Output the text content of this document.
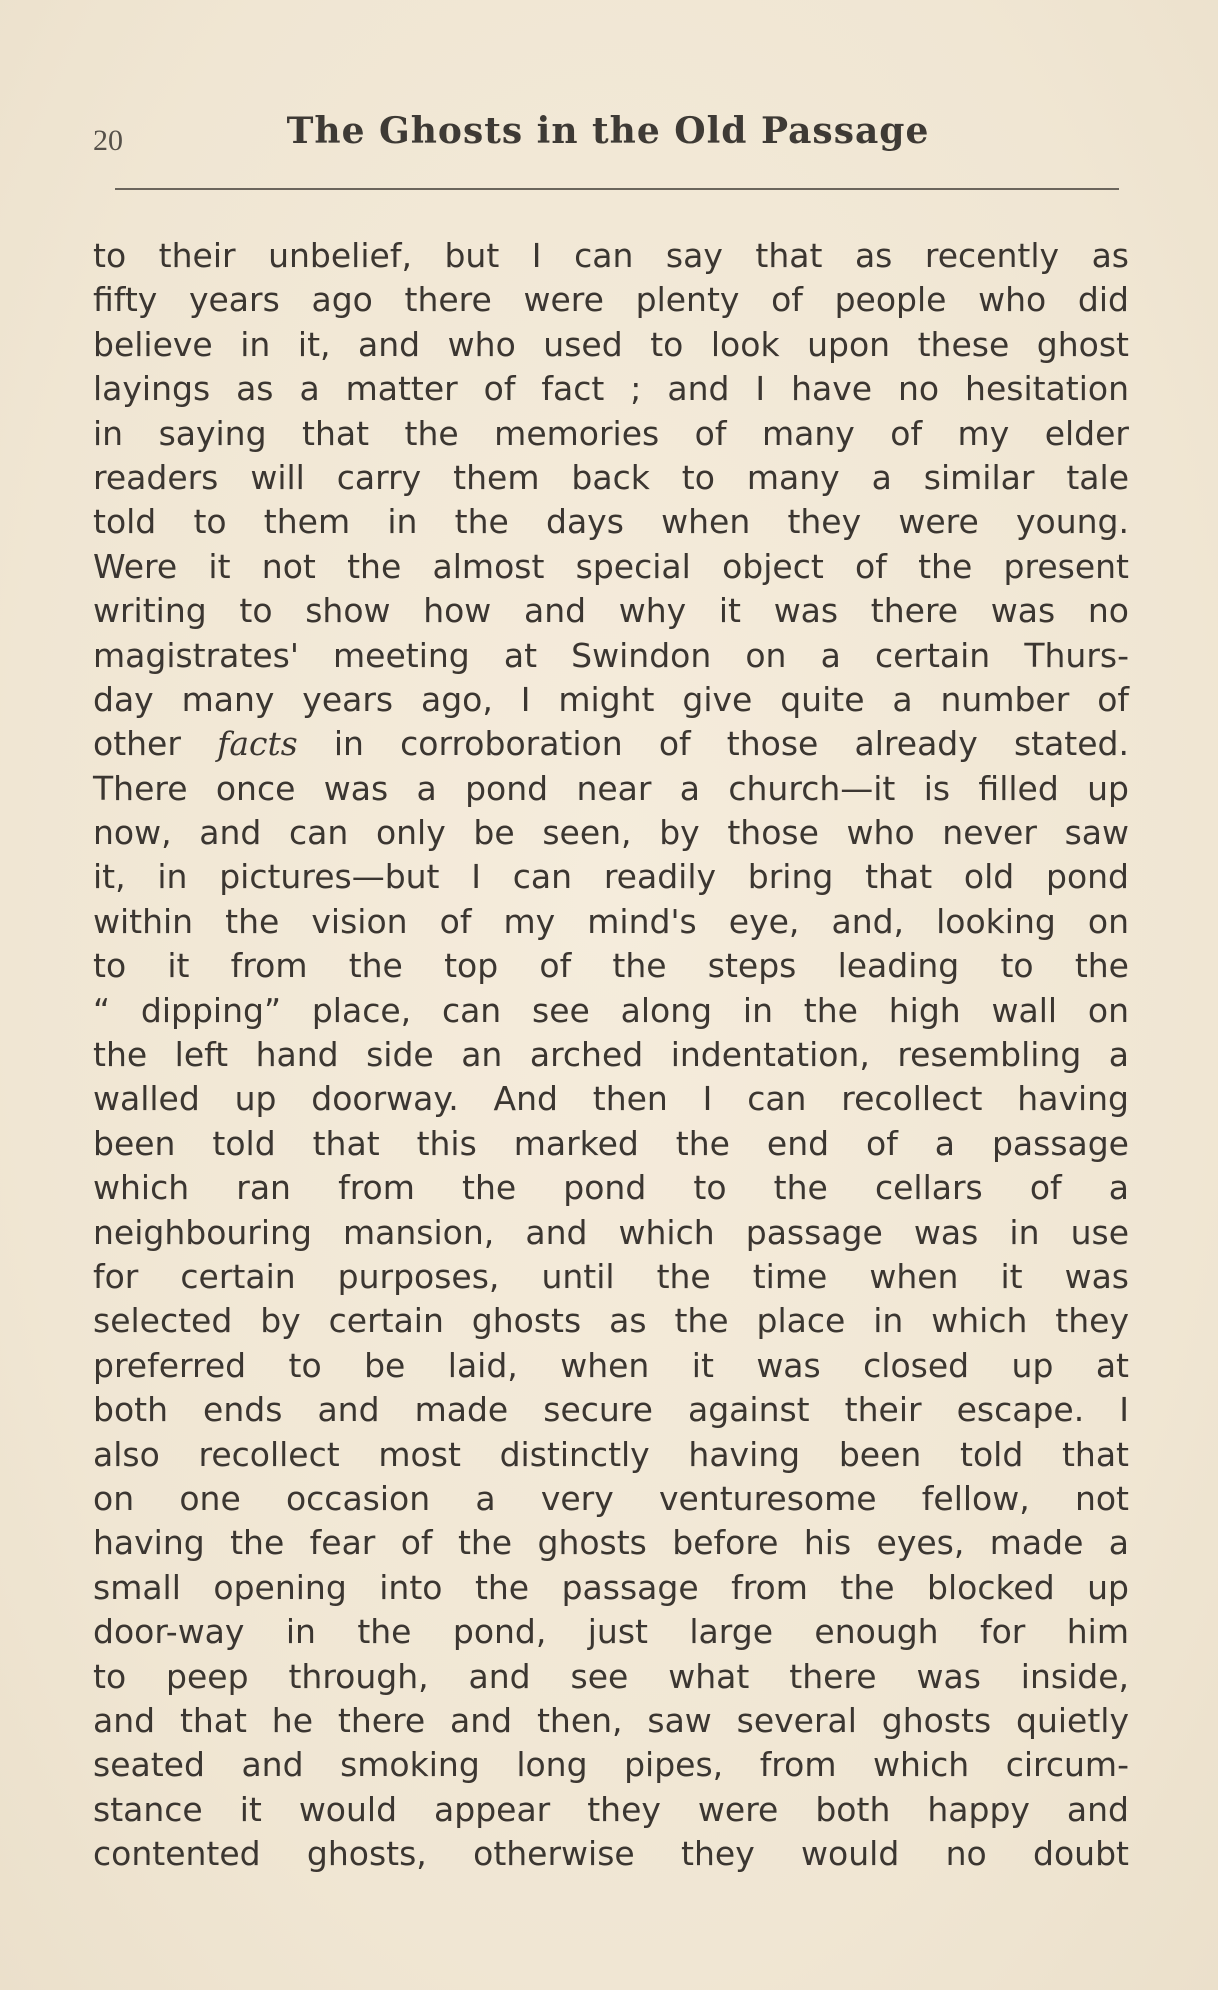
20	The Ghosts in the Old Passage
to their unbelief, but I can say that as recently as
fifty years ago there were plenty of people who did
believe in it, and who used to look upon these ghost
layings as a matter of fact ; and I have no hesitation
in saying that the memories of many of my elder
readers will carry them back to many a similar tale
told to them in the days when they were young.
Were it not the almost special object of the present
writing to show how and why it was there was no
magistrates' meeting at Swindon on a certain Thurs-
day many years ago, I might give quite a number of
other facts in corroboration of those already stated.
There once was a pond near a church—it is filled up
now, and can only be seen, by those who never saw
it, in pictures—but I can readily bring that old pond
within the vision of my mind's eye, and, looking on
to it from the top of the steps leading to the
“ dipping” place, can see along in the high wall on
the left hand side an arched indentation, resembling a
walled up doorway. And then I can recollect having
been told that this marked the end of a passage
which ran from the pond to the cellars of a
neighbouring mansion, and which passage was in use
for certain purposes, until the time when it was
selected by certain ghosts as the place in which they
preferred to be laid, when it was closed up at
both ends and made secure against their escape. I
also recollect most distinctly having been told that
on one occasion a very venturesome fellow, not
having the fear of the ghosts before his eyes, made a
small opening into the passage from the blocked up
door-way in the pond, just large enough for him
to peep through, and see what there was inside,
and that he there and then, saw several ghosts quietly
seated and smoking long pipes, from which circum-
stance it would appear they were both happy and
contented ghosts, otherwise they would no doubt
